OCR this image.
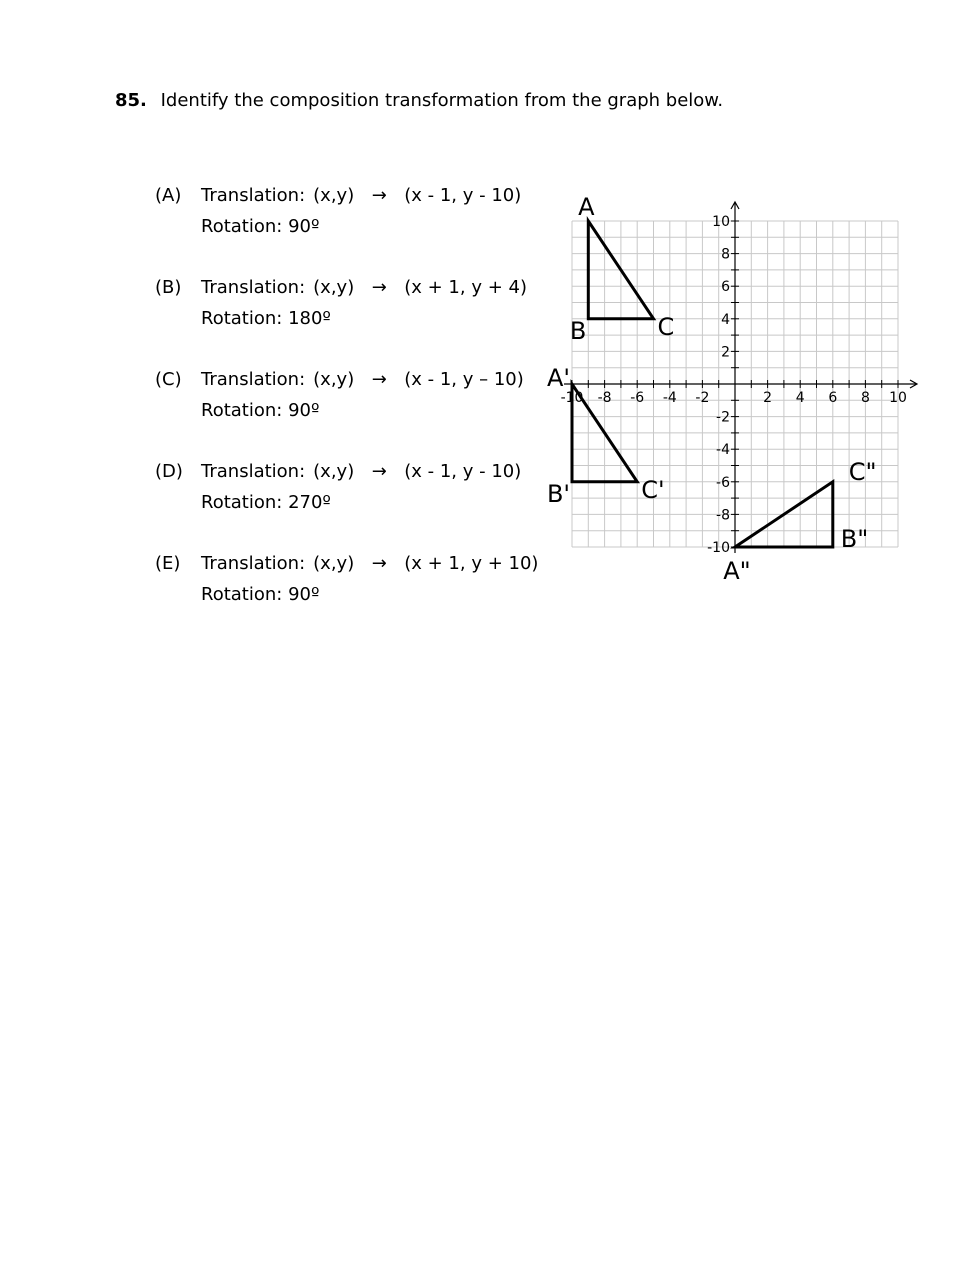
85. Identify the composition transformation from the graph below.
(A)	Translation: (x,y) → (x - 1, y - 10)
Rotation: 90º
(B)	Translation: (x,y) → (x + 1, y + 4)
Rotation: 180º
(C)	Translation: (x,y) → (x - 1, y – 10)
Rotation: 90º
(D)	Translation: (x,y) → (x - 1, y - 10)
Rotation: 270º
(E)	Translation: (x,y) → (x + 1, y + 10)
Rotation: 90º
-10 -8 -6 -4 -2	2 4 6 8 10
10
8
6
4
2
-2
-4
-6
-8
-10
A
B	C
A'
B'	C'
C"
B"
A"
